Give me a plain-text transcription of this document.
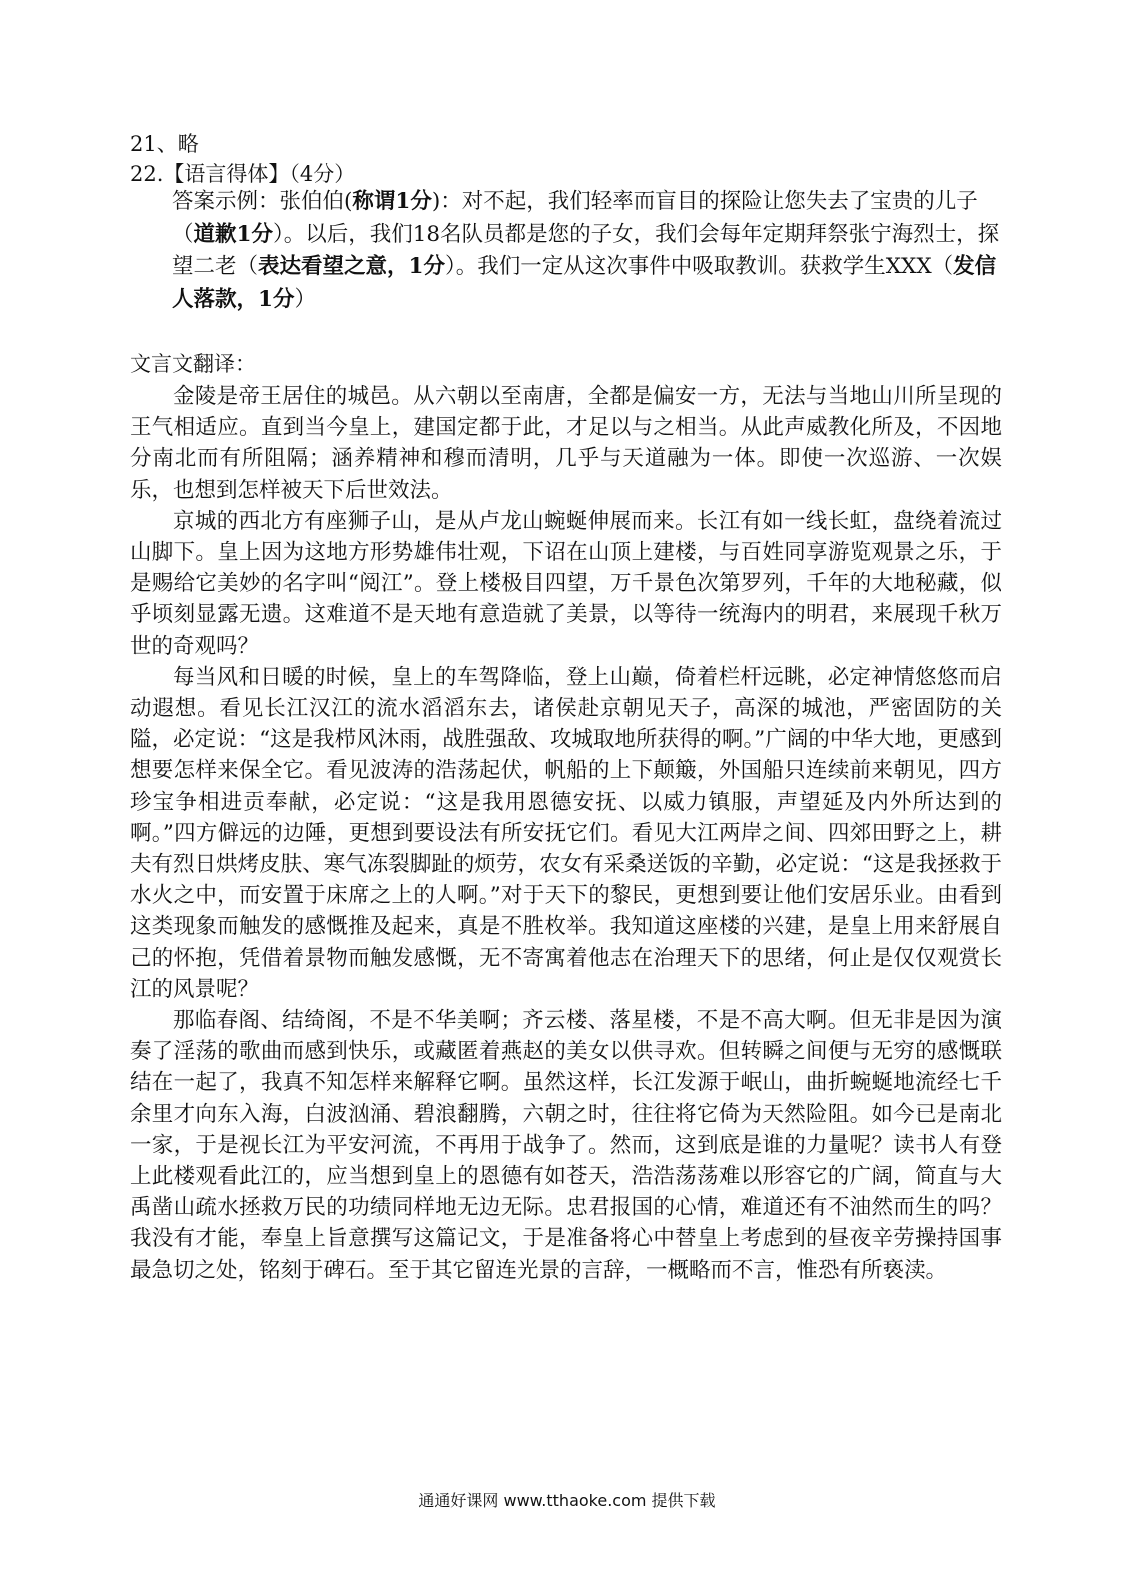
21、略
22.【语言得体】（4分）

答案示例：张伯伯(称谓1分)：对不起，我们轻率而盲目的探险让您失去了宝贵的儿子（道歉1分）。以后，我们18名队员都是您的子女，我们会每年定期拜祭张宁海烈士，探望二老（表达看望之意，1分）。我们一定从这次事件中吸取教训。获救学生XXX（发信人落款，1分）

文言文翻译：

金陵是帝王居住的城邑。从六朝以至南唐，全都是偏安一方，无法与当地山川所呈现的王气相适应。直到当今皇上，建国定都于此，才足以与之相当。从此声威教化所及，不因地分南北而有所阻隔；涵养精神和穆而清明，几乎与天道融为一体。即使一次巡游、一次娱乐，也想到怎样被天下后世效法。

京城的西北方有座狮子山，是从卢龙山蜿蜒伸展而来。长江有如一线长虹，盘绕着流过山脚下。皇上因为这地方形势雄伟壮观，下诏在山顶上建楼，与百姓同享游览观景之乐，于是赐给它美妙的名字叫“阅江”。登上楼极目四望，万千景色次第罗列，千年的大地秘藏，似乎顷刻显露无遗。这难道不是天地有意造就了美景，以等待一统海内的明君，来展现千秋万世的奇观吗？

每当风和日暖的时候，皇上的车驾降临，登上山巅，倚着栏杆远眺，必定神情悠悠而启动遐想。看见长江汉江的流水滔滔东去，诸侯赴京朝见天子，高深的城池，严密固防的关隘，必定说：“这是我栉风沐雨，战胜强敌、攻城取地所获得的啊。”广阔的中华大地，更感到想要怎样来保全它。看见波涛的浩荡起伏，帆船的上下颠簸，外国船只连续前来朝见，四方珍宝争相进贡奉献，必定说：“这是我用恩德安抚、以威力镇服，声望延及内外所达到的啊。”四方僻远的边陲，更想到要设法有所安抚它们。看见大江两岸之间、四郊田野之上，耕夫有烈日烘烤皮肤、寒气冻裂脚趾的烦劳，农女有采桑送饭的辛勤，必定说：“这是我拯救于水火之中，而安置于床席之上的人啊。”对于天下的黎民，更想到要让他们安居乐业。由看到这类现象而触发的感慨推及起来，真是不胜枚举。我知道这座楼的兴建，是皇上用来舒展自己的怀抱，凭借着景物而触发感慨，无不寄寓着他志在治理天下的思绪，何止是仅仅观赏长江的风景呢？

那临春阁、结绮阁，不是不华美啊；齐云楼、落星楼，不是不高大啊。但无非是因为演奏了淫荡的歌曲而感到快乐，或藏匿着燕赵的美女以供寻欢。但转瞬之间便与无穷的感慨联结在一起了，我真不知怎样来解释它啊。虽然这样，长江发源于岷山，曲折蜿蜒地流经七千余里才向东入海，白波汹涌、碧浪翻腾，六朝之时，往往将它倚为天然险阻。如今已是南北一家，于是视长江为平安河流，不再用于战争了。然而，这到底是谁的力量呢？读书人有登上此楼观看此江的，应当想到皇上的恩德有如苍天，浩浩荡荡难以形容它的广阔，简直与大禹凿山疏水拯救万民的功绩同样地无边无际。忠君报国的心情，难道还有不油然而生的吗？我没有才能，奉皇上旨意撰写这篇记文，于是准备将心中替皇上考虑到的昼夜辛劳操持国事最急切之处，铭刻于碑石。至于其它留连光景的言辞，一概略而不言，惟恐有所亵渎。

通通好课网 www.tthaoke.com 提供下载
